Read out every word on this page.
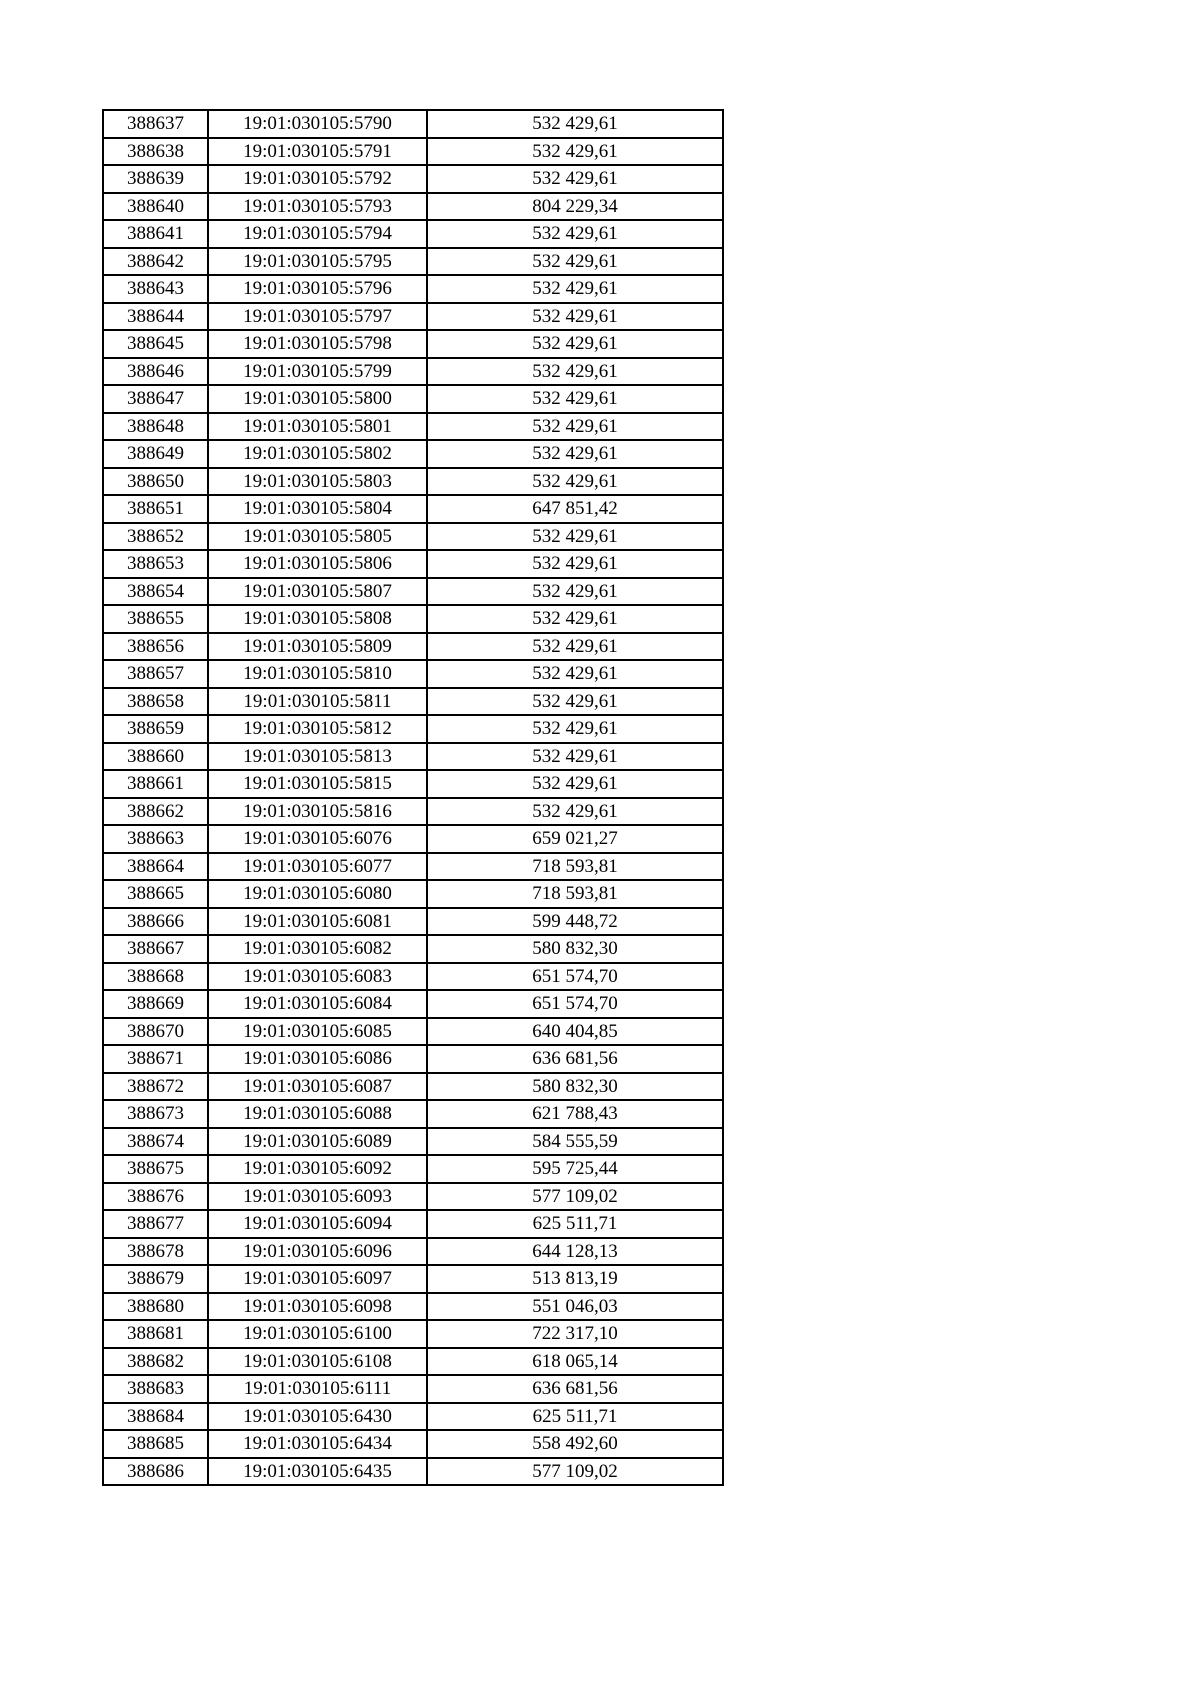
388637	19:01:030105:5790	532 429,61
388638	19:01:030105:5791	532 429,61
388639	19:01:030105:5792	532 429,61
388640	19:01:030105:5793	804 229,34
388641	19:01:030105:5794	532 429,61
388642	19:01:030105:5795	532 429,61
388643	19:01:030105:5796	532 429,61
388644	19:01:030105:5797	532 429,61
388645	19:01:030105:5798	532 429,61
388646	19:01:030105:5799	532 429,61
388647	19:01:030105:5800	532 429,61
388648	19:01:030105:5801	532 429,61
388649	19:01:030105:5802	532 429,61
388650	19:01:030105:5803	532 429,61
388651	19:01:030105:5804	647 851,42
388652	19:01:030105:5805	532 429,61
388653	19:01:030105:5806	532 429,61
388654	19:01:030105:5807	532 429,61
388655	19:01:030105:5808	532 429,61
388656	19:01:030105:5809	532 429,61
388657	19:01:030105:5810	532 429,61
388658	19:01:030105:5811	532 429,61
388659	19:01:030105:5812	532 429,61
388660	19:01:030105:5813	532 429,61
388661	19:01:030105:5815	532 429,61
388662	19:01:030105:5816	532 429,61
388663	19:01:030105:6076	659 021,27
388664	19:01:030105:6077	718 593,81
388665	19:01:030105:6080	718 593,81
388666	19:01:030105:6081	599 448,72
388667	19:01:030105:6082	580 832,30
388668	19:01:030105:6083	651 574,70
388669	19:01:030105:6084	651 574,70
388670	19:01:030105:6085	640 404,85
388671	19:01:030105:6086	636 681,56
388672	19:01:030105:6087	580 832,30
388673	19:01:030105:6088	621 788,43
388674	19:01:030105:6089	584 555,59
388675	19:01:030105:6092	595 725,44
388676	19:01:030105:6093	577 109,02
388677	19:01:030105:6094	625 511,71
388678	19:01:030105:6096	644 128,13
388679	19:01:030105:6097	513 813,19
388680	19:01:030105:6098	551 046,03
388681	19:01:030105:6100	722 317,10
388682	19:01:030105:6108	618 065,14
388683	19:01:030105:6111	636 681,56
388684	19:01:030105:6430	625 511,71
388685	19:01:030105:6434	558 492,60
388686	19:01:030105:6435	577 109,02
